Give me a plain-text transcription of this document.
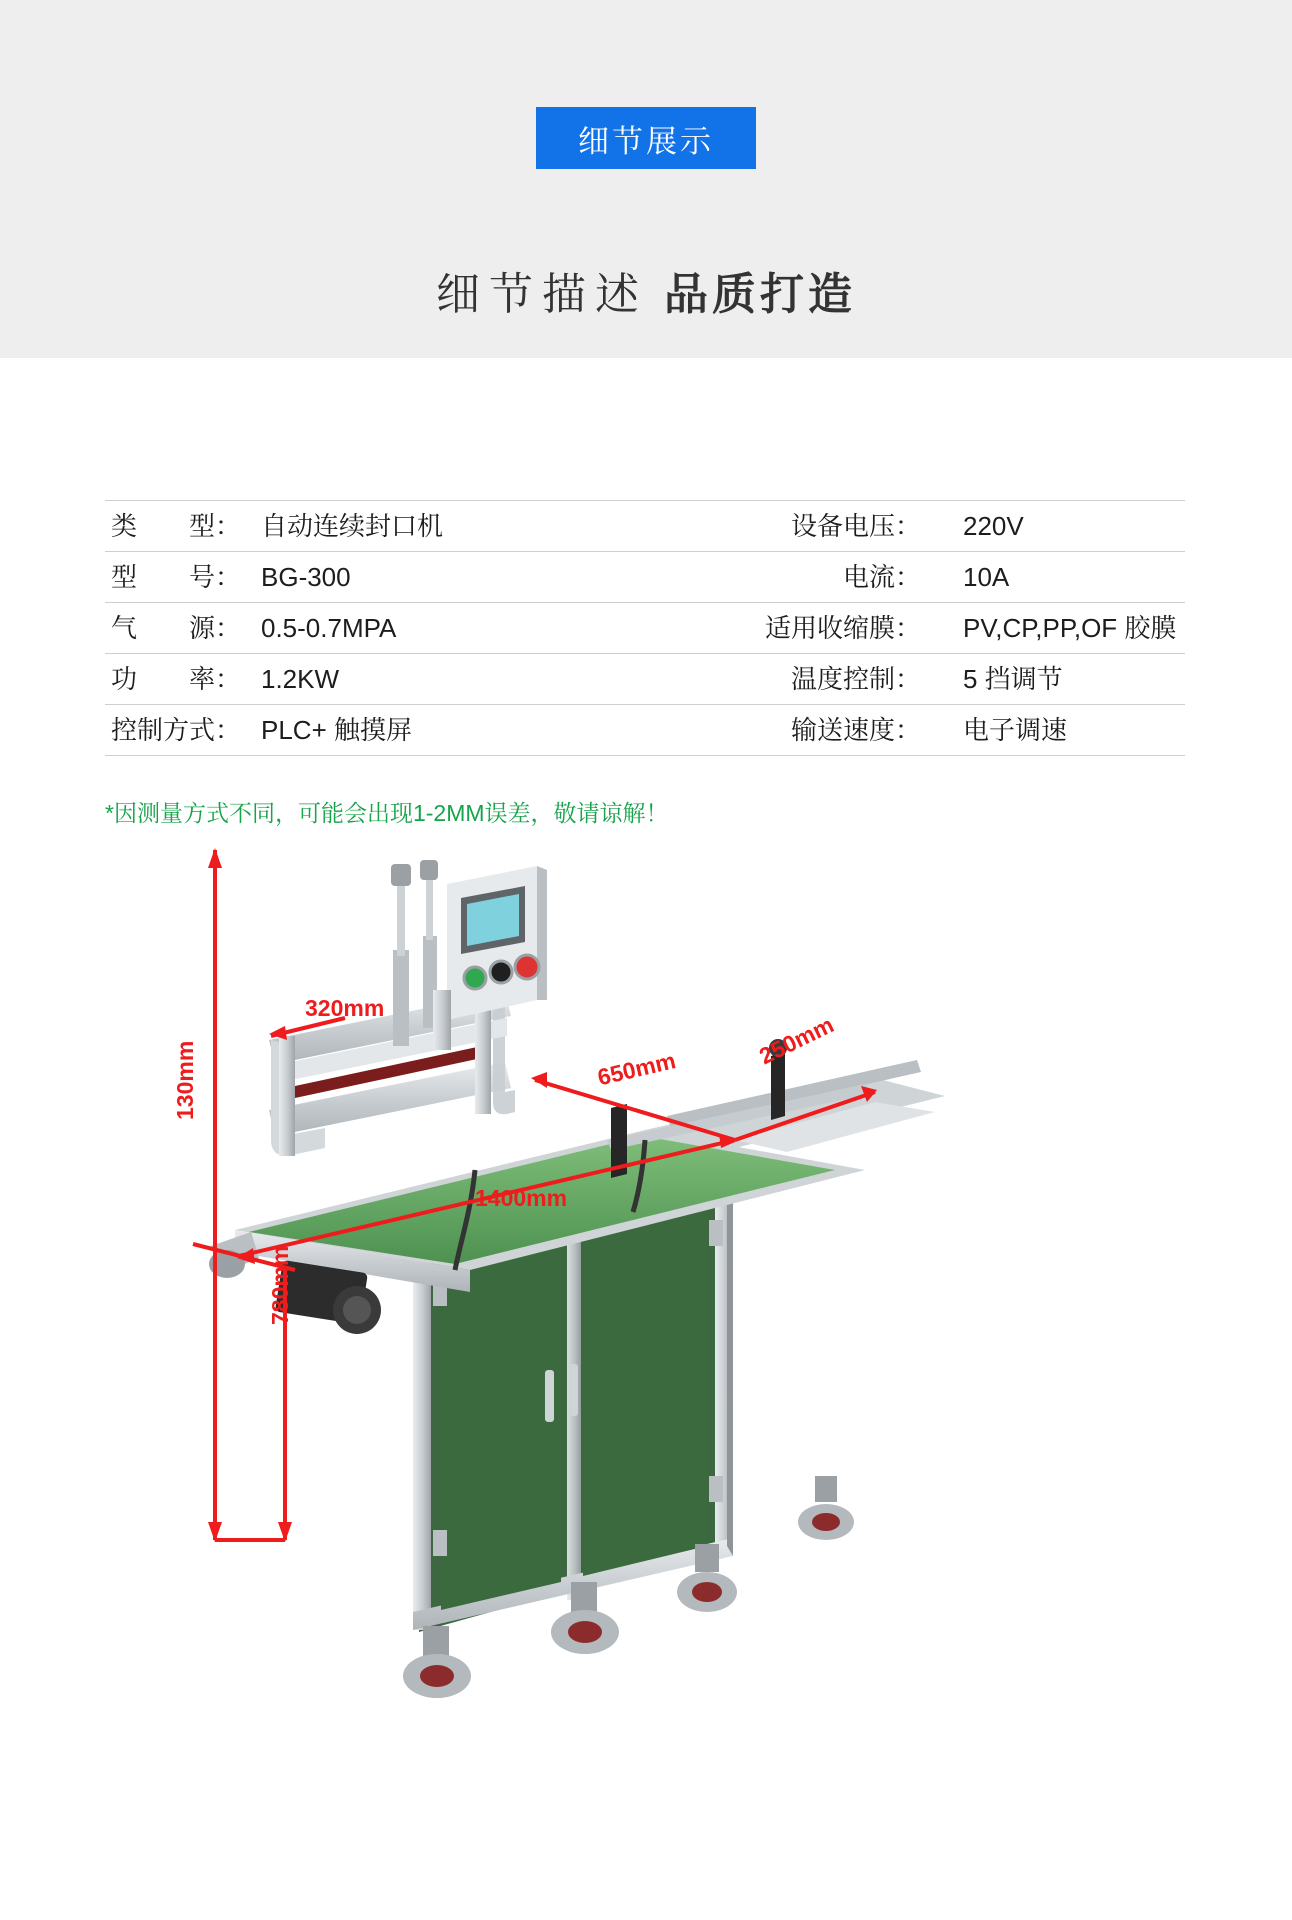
细节展示
细节描述 品质打造
类　　型：	自动连续封口机	设备电压：	220V
型　　号：	BG-300	电流：	10A
气　　源：	0.5-0.7MPA	适用收缩膜：	PV,CP,PP,OF 胶膜
功　　率：	1.2KW	温度控制：	5 挡调节
控制方式：	PLC+ 触摸屏	输送速度：	电子调速
*因测量方式不同，可能会出现1-2MM误差，敬请谅解！
320mm
130mm
780mm
650mm	250mm
1400mm
